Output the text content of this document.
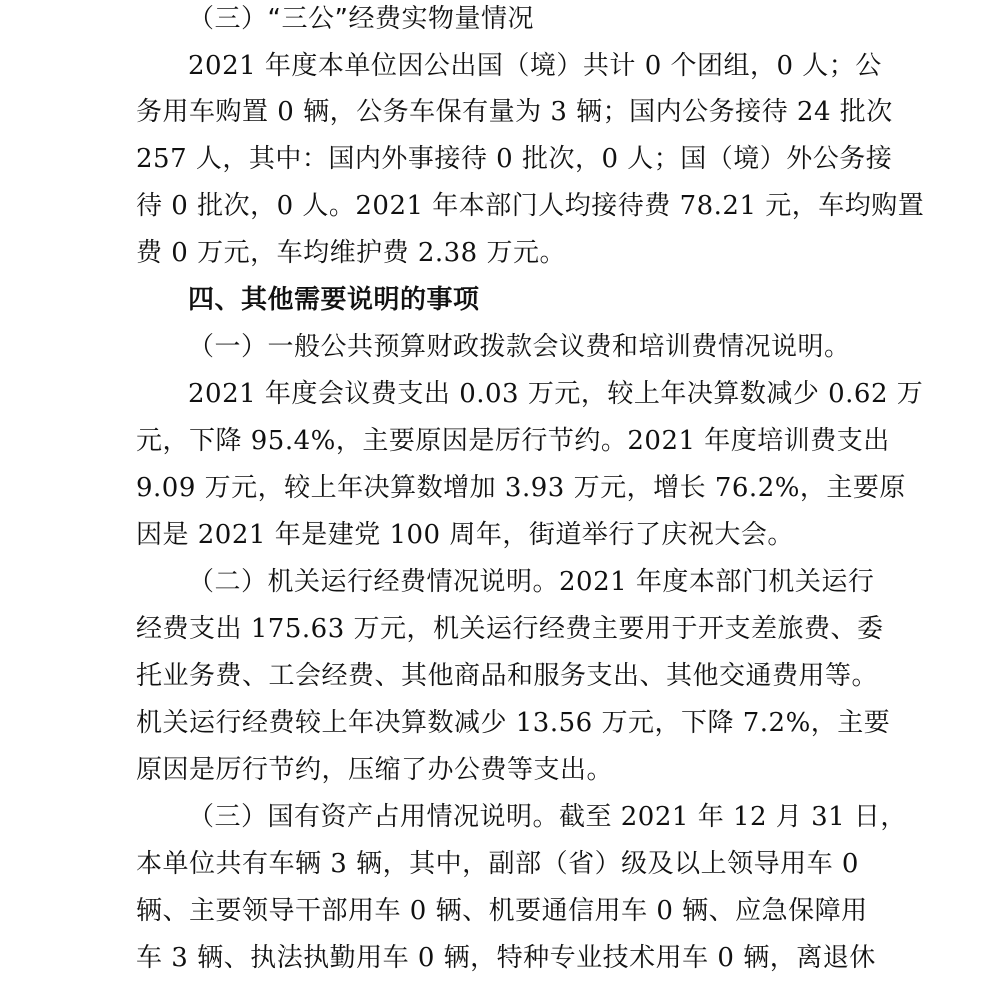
（三）“三公”经费实物量情况
2021 年度本单位因公出国（境）共计 0 个团组，0 人；公
务用车购置 0 辆，公务车保有量为 3 辆；国内公务接待 24 批次
257 人，其中：国内外事接待 0 批次，0 人；国（境）外公务接
待 0 批次，0 人。2021 年本部门人均接待费 78.21 元，车均购置
费 0 万元，车均维护费 2.38 万元。
四、其他需要说明的事项
（一）一般公共预算财政拨款会议费和培训费情况说明。
2021 年度会议费支出 0.03 万元，较上年决算数减少 0.62 万
元，下降 95.4%，主要原因是厉行节约。2021 年度培训费支出
9.09 万元，较上年决算数增加 3.93 万元，增长 76.2%，主要原
因是 2021 年是建党 100 周年，街道举行了庆祝大会。
（二）机关运行经费情况说明。2021 年度本部门机关运行
经费支出 175.63 万元，机关运行经费主要用于开支差旅费、委
托业务费、工会经费、其他商品和服务支出、其他交通费用等。
机关运行经费较上年决算数减少 13.56 万元，下降 7.2%，主要
原因是厉行节约，压缩了办公费等支出。
（三）国有资产占用情况说明。截至 2021 年 12 月 31 日，
本单位共有车辆 3 辆，其中，副部（省）级及以上领导用车 0
辆、主要领导干部用车 0 辆、机要通信用车 0 辆、应急保障用
车 3 辆、执法执勤用车 0 辆，特种专业技术用车 0 辆，离退休
